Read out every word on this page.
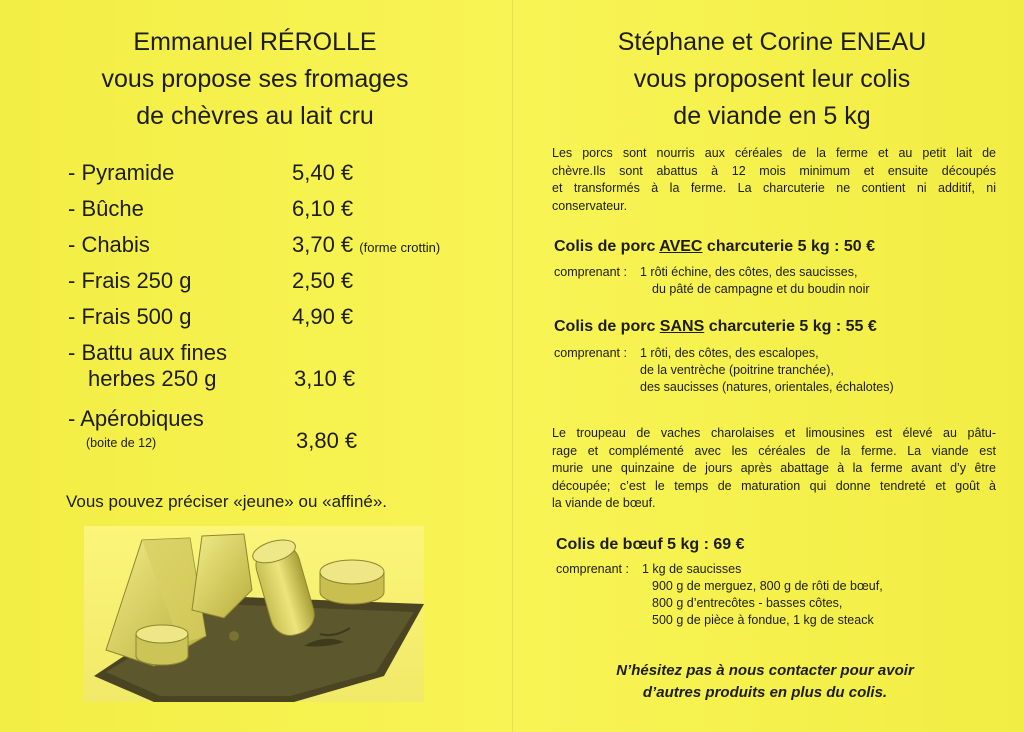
Emmanuel RÉROLLE
vous propose ses fromages
de chèvres au lait cru
- Pyramide	5,40 €
- Bûche	6,10 €
- Chabis	3,70 € (forme crottin)
- Frais 250 g	2,50 €
- Frais 500 g	4,90 €
- Battu aux fines
herbes 250 g	3,10 €
- Apérobiques
(boite de 12)	3,80 €
Vous pouvez préciser «jeune» ou «affiné».
Stéphane et Corine ENEAU
vous proposent leur colis
de viande en 5 kg
Les porcs sont nourris aux céréales de la ferme et au petit lait de
chèvre.Ils sont abattus à 12 mois minimum et ensuite découpés
et transformés à la ferme. La charcuterie ne contient ni additif, ni
conservateur.
Colis de porc AVEC charcuterie 5 kg : 50 €
comprenant : 1 rôti échine, des côtes, des saucisses,
du pâté de campagne et du boudin noir
Colis de porc SANS charcuterie 5 kg : 55 €
comprenant : 1 rôti, des côtes, des escalopes,
de la ventrèche (poitrine tranchée),
des saucisses (natures, orientales, échalotes)
Le troupeau de vaches charolaises et limousines est élevé au pâtu-
rage et complémenté avec les céréales de la ferme. La viande est
murie une quinzaine de jours après abattage à la ferme avant d’y être
découpée; c’est le temps de maturation qui donne tendreté et goût à
la viande de bœuf.
Colis de bœuf 5 kg : 69 €
comprenant : 1 kg de saucisses
900 g de merguez, 800 g de rôti de bœuf,
800 g d’entrecôtes - basses côtes,
500 g de pièce à fondue, 1 kg de steack
N’hésitez pas à nous contacter pour avoir
d’autres produits en plus du colis.
